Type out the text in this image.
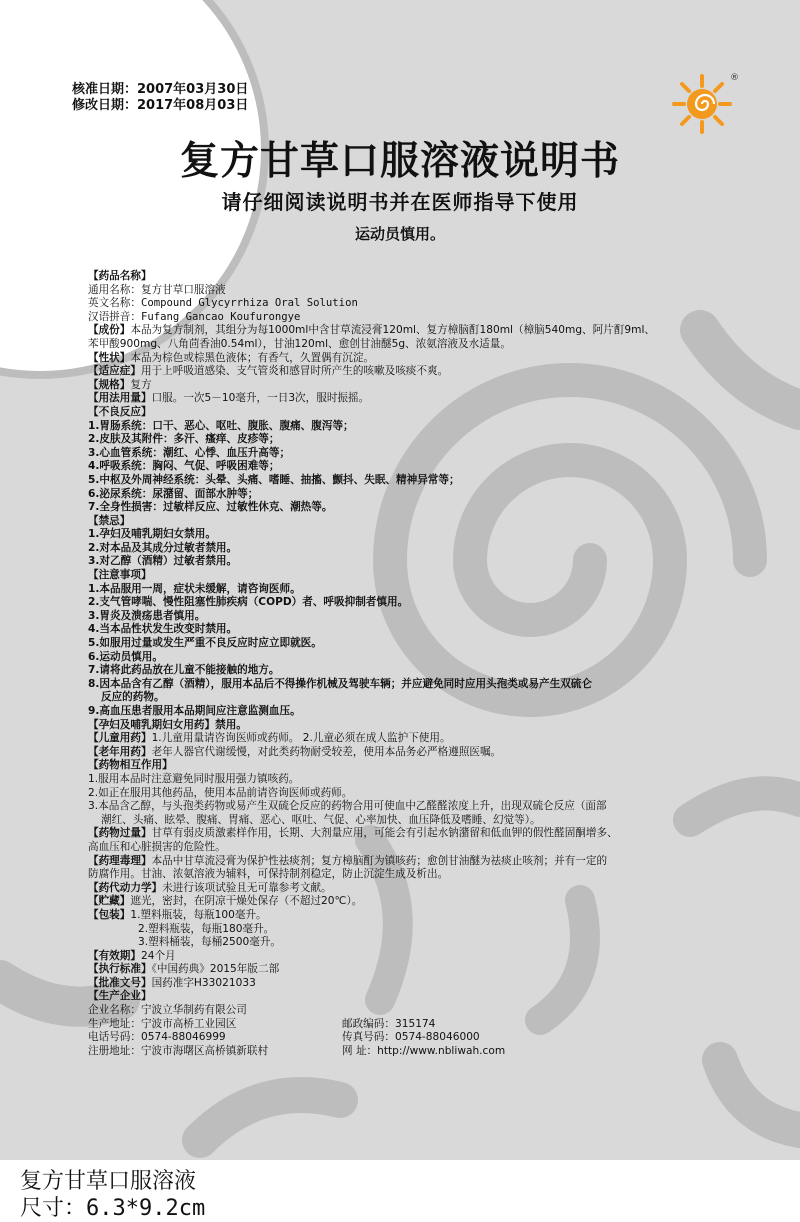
核准日期：2007年03月30日
修改日期：2017年08月03日
®
复方甘草口服溶液说明书
请仔细阅读说明书并在医师指导下使用
运动员慎用。
【药品名称】
通用名称：复方甘草口服溶液
英文名称：Compound Glycyrrhiza Oral Solution
汉语拼音：Fufang Gancao Koufurongye
【成份】本品为复方制剂，其组分为每1000ml中含甘草流浸膏120ml、复方樟脑酊180ml（樟脑540mg、阿片酊9ml、
苯甲酸900mg、八角茴香油0.54ml），甘油120ml、愈创甘油醚5g、浓氨溶液及水适量。
【性状】本品为棕色或棕黑色液体；有香气，久置偶有沉淀。
【适应症】用于上呼吸道感染、支气管炎和感冒时所产生的咳嗽及咳痰不爽。
【规格】复方
【用法用量】口服。一次5－10毫升，一日3次，服时振摇。
【不良反应】
1.胃肠系统：口干、恶心、呕吐、腹胀、腹痛、腹泻等；
2.皮肤及其附件：多汗、瘙痒、皮疹等；
3.心血管系统：潮红、心悸、血压升高等；
4.呼吸系统：胸闷、气促、呼吸困难等；
5.中枢及外周神经系统：头晕、头痛、嗜睡、抽搐、颤抖、失眠、精神异常等；
6.泌尿系统：尿潴留、面部水肿等；
7.全身性损害：过敏样反应、过敏性休克、潮热等。
【禁忌】
1.孕妇及哺乳期妇女禁用。
2.对本品及其成分过敏者禁用。
3.对乙醇（酒精）过敏者禁用。
【注意事项】
1.本品服用一周，症状未缓解，请咨询医师。
2.支气管哮喘、慢性阻塞性肺疾病（COPD）者、呼吸抑制者慎用。
3.胃炎及溃疡患者慎用。
4.当本品性状发生改变时禁用。
5.如服用过量或发生严重不良反应时应立即就医。
6.运动员慎用。
7.请将此药品放在儿童不能接触的地方。
8.因本品含有乙醇（酒精），服用本品后不得操作机械及驾驶车辆；并应避免同时应用头孢类或易产生双硫仑
反应的药物。
9.高血压患者服用本品期间应注意监测血压。
【孕妇及哺乳期妇女用药】禁用。
【儿童用药】1.儿童用量请咨询医师或药师。 2.儿童必须在成人监护下使用。
【老年用药】老年人器官代谢缓慢，对此类药物耐受较差，使用本品务必严格遵照医嘱。
【药物相互作用】
1.服用本品时注意避免同时服用强力镇咳药。
2.如正在服用其他药品，使用本品前请咨询医师或药师。
3.本品含乙醇，与头孢类药物或易产生双硫仑反应的药物合用可使血中乙醛醛浓度上升，出现双硫仑反应（面部
潮红、头痛、眩晕、腹痛、胃痛、恶心、呕吐、气促、心率加快、血压降低及嗜睡、幻觉等）。
【药物过量】甘草有弱皮质激素样作用，长期、大剂量应用，可能会有引起水钠潴留和低血钾的假性醛固酮增多、
高血压和心脏损害的危险性。
【药理毒理】本品中甘草流浸膏为保护性祛痰剂；复方樟脑酊为镇咳药；愈创甘油醚为祛痰止咳剂；并有一定的
防腐作用。甘油、浓氨溶液为辅料，可保持制剂稳定，防止沉淀生成及析出。
【药代动力学】未进行该项试验且无可靠参考文献。
【贮藏】遮光，密封，在阴凉干燥处保存（不超过20℃）。
【包装】1.塑料瓶装，每瓶100毫升。
2.塑料瓶装，每瓶180毫升。
3.塑料桶装，每桶2500毫升。
【有效期】24个月
【执行标准】《中国药典》2015年版二部
【批准文号】国药准字H33021033
【生产企业】
企业名称：宁波立华制药有限公司
生产地址：宁波市高桥工业园区	邮政编码：315174
电话号码：0574-88046999	传真号码：0574-88046000
注册地址：宁波市海曙区高桥镇新联村	网 址：http://www.nbliwah.com
复方甘草口服溶液
尺寸：6.3*9.2cm
